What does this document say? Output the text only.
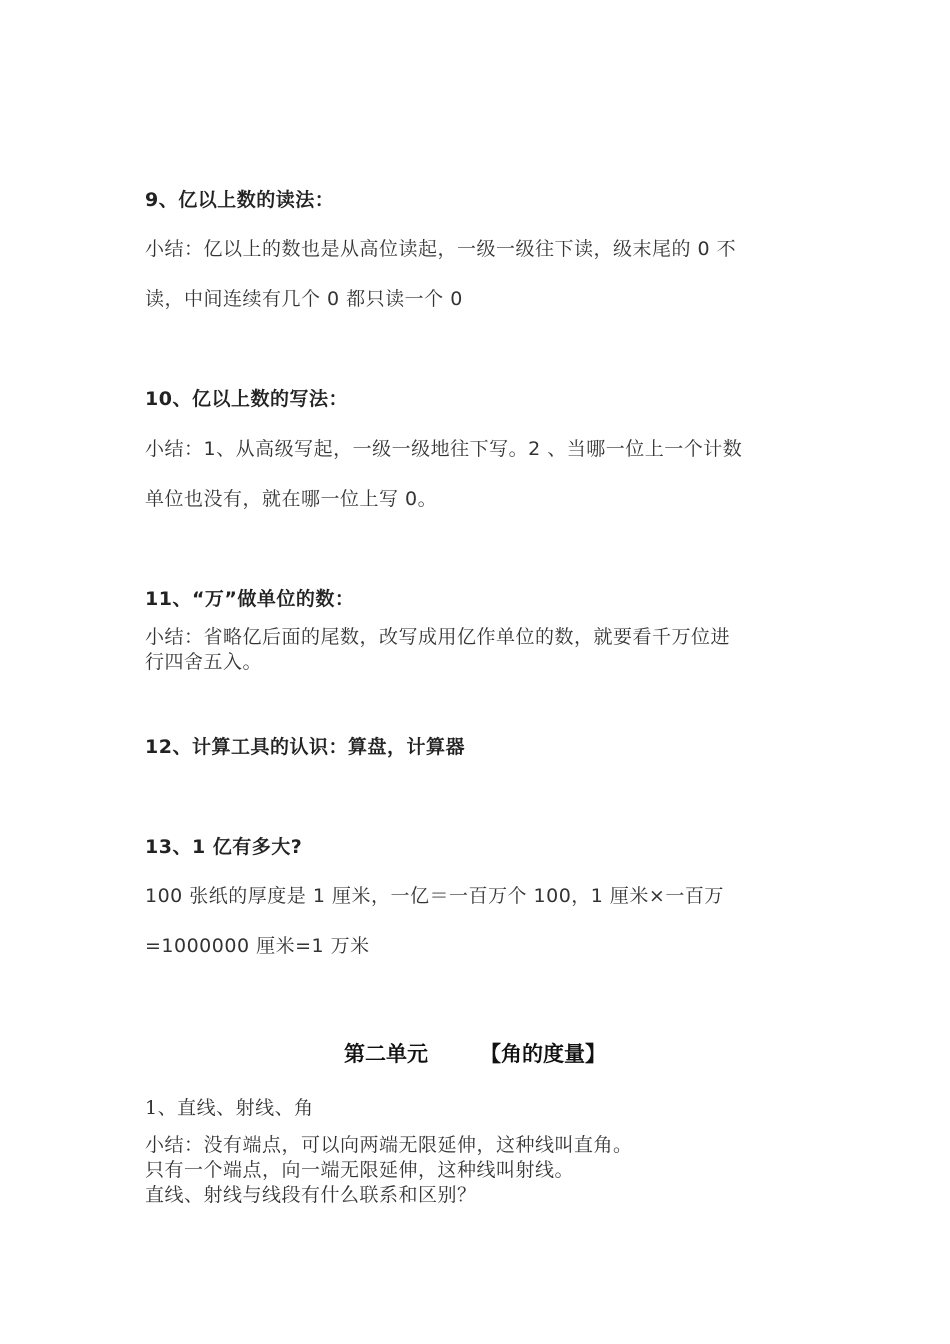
9、亿以上数的读法：
小结：亿以上的数也是从高位读起，一级一级往下读，级末尾的 0 不
读，中间连续有几个 0 都只读一个 0
10、亿以上数的写法：
小结：1、从高级写起，一级一级地往下写。2 、当哪一位上一个计数
单位也没有，就在哪一位上写 0。
11、“万”做单位的数：
小结：省略亿后面的尾数，改写成用亿作单位的数，就要看千万位进
行四舍五入。
12、计算工具的认识：算盘，计算器
13、1 亿有多大?
100 张纸的厚度是 1 厘米，一亿＝一百万个 100，1 厘米×一百万
=1000000 厘米=1 万米
第二单元 【角的度量】
1、直线、射线、角
小结：没有端点，可以向两端无限延伸，这种线叫直角。
只有一个端点，向一端无限延伸，这种线叫射线。
直线、射线与线段有什么联系和区别？
